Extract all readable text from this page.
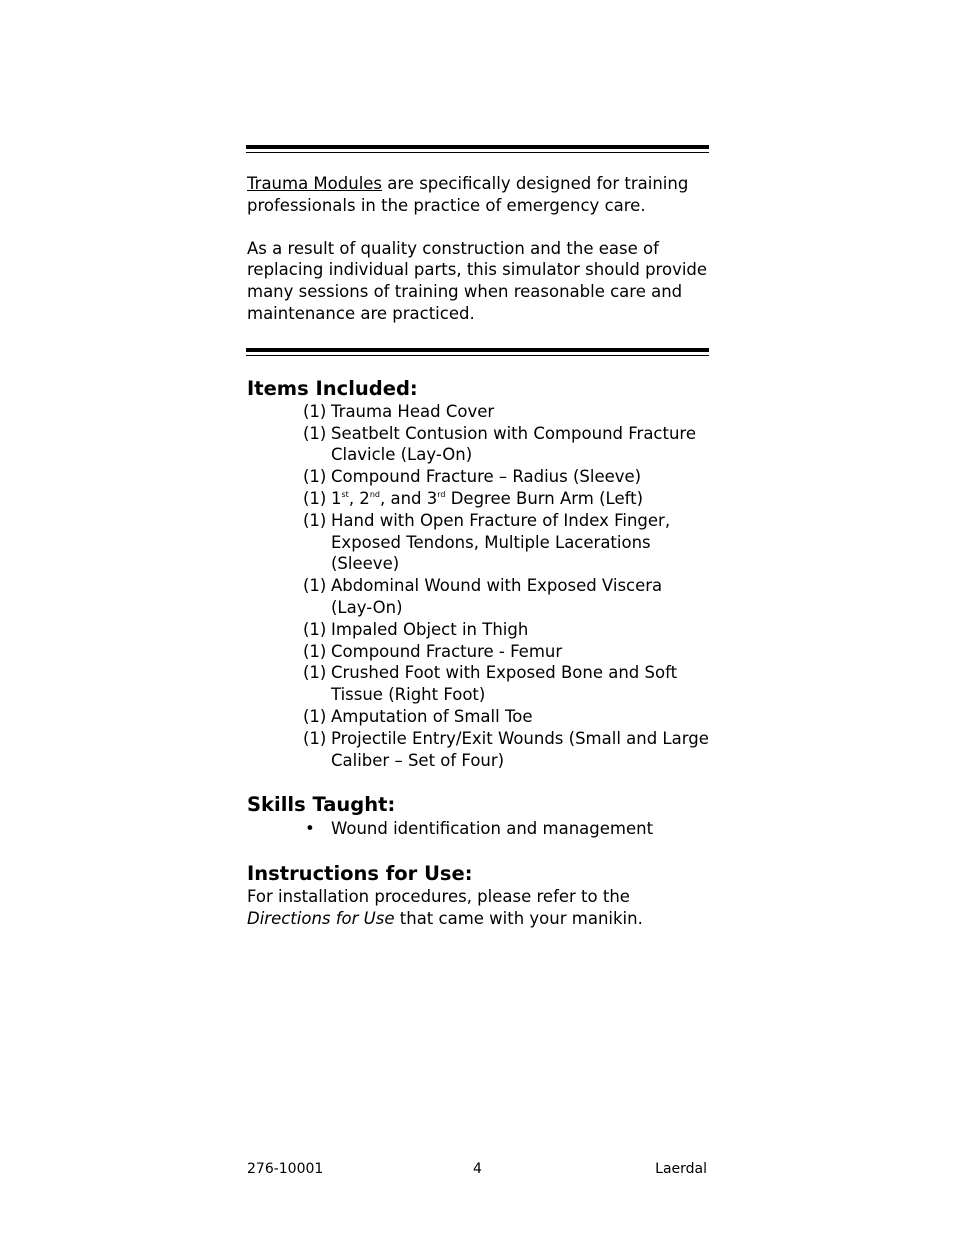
Trauma Modules are specifically designed for training professionals in the practice of emergency care.

As a result of quality construction and the ease of replacing individual parts, this simulator should provide many sessions of training when reasonable care and maintenance are practiced.

Items Included:
(1) Trauma Head Cover
(1) Seatbelt Contusion with Compound Fracture Clavicle (Lay-On)
(1) Compound Fracture – Radius (Sleeve)
(1) 1st, 2nd, and 3rd Degree Burn Arm (Left)
(1) Hand with Open Fracture of Index Finger, Exposed Tendons, Multiple Lacerations (Sleeve)
(1) Abdominal Wound with Exposed Viscera (Lay-On)
(1) Impaled Object in Thigh
(1) Compound Fracture - Femur
(1) Crushed Foot with Exposed Bone and Soft Tissue (Right Foot)
(1) Amputation of Small Toe
(1) Projectile Entry/Exit Wounds (Small and Large Caliber – Set of Four)
Skills Taught:
• Wound identification and management
Instructions for Use:

For installation procedures, please refer to the Directions for Use that came with your manikin.

276-10001	4	Laerdal
